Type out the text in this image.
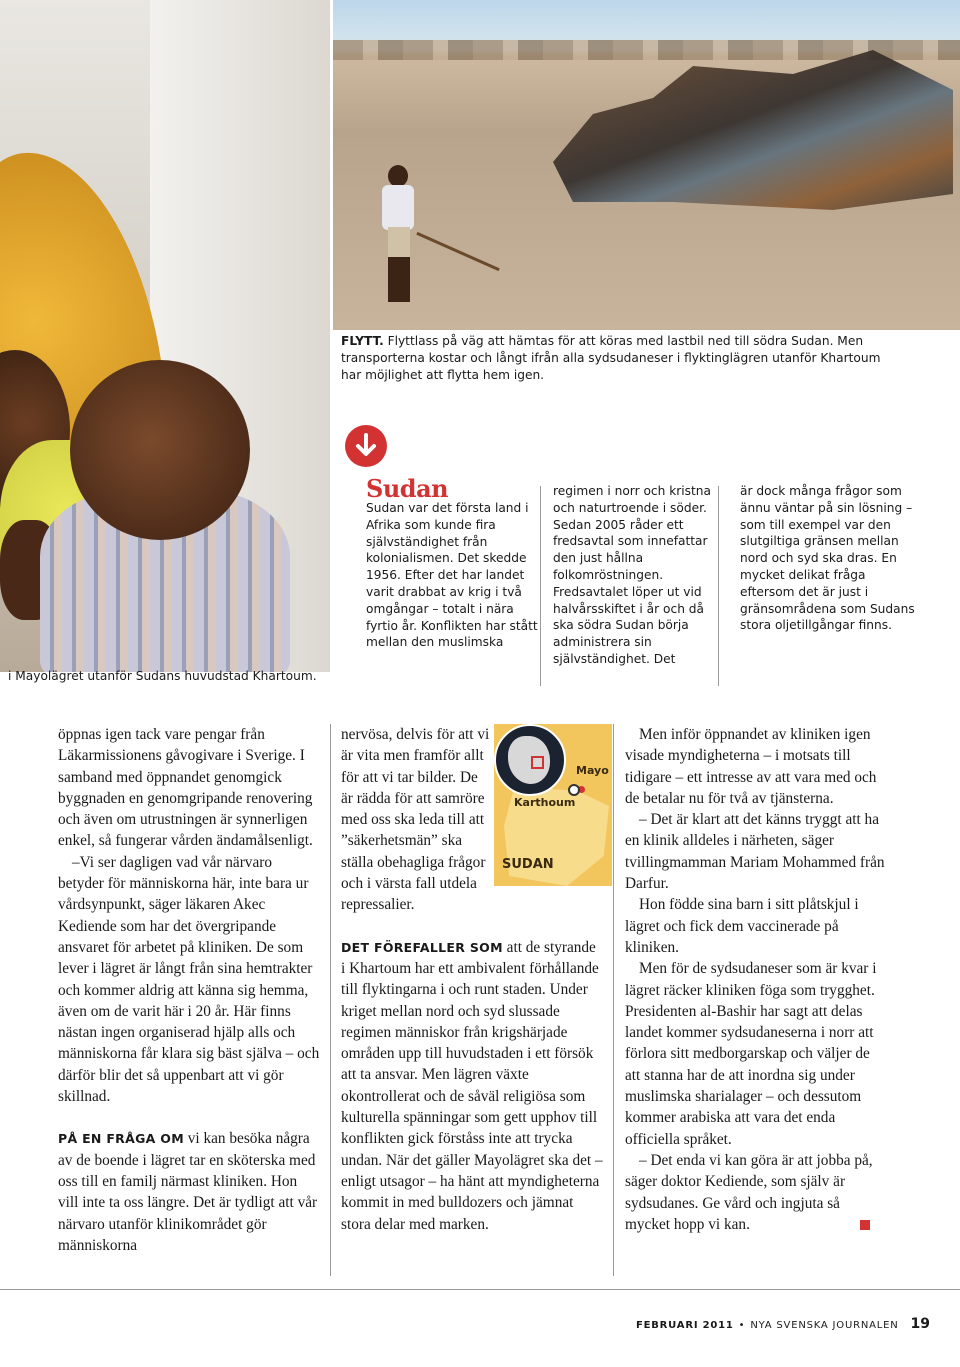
FLYTT. Flyttlass på väg att hämtas för att köras med lastbil ned till södra Sudan. Men transporterna kostar och långt ifrån alla sydsudaneser i flyktinglägren utanför Khartoum har möjlighet att flytta hem igen.
i Mayolägret utanför Sudans huvudstad Khartoum.
Sudan
Sudan var det första land i Afrika som kunde fira självständighet från kolonialismen. Det skedde 1956. Efter det har landet varit drabbat av krig i två omgångar – totalt i nära fyrtio år. Konflikten har stått mellan den muslimska
regimen i norr och kristna och naturtroende i söder. Sedan 2005 råder ett fredsavtal som innefattar den just hållna folkomröstningen. Fredsavtalet löper ut vid halvårsskiftet i år och då ska södra Sudan börja administrera sin självständighet. Det
är dock många frågor som ännu väntar på sin lösning – som till exempel var den slutgiltiga gränsen mellan nord och syd ska dras. En mycket delikat fråga eftersom det är just i gränsområdena som Sudans stora oljetillgångar finns.

öppnas igen tack vare pengar från Läkarmissionens gåvogivare i Sverige. I samband med öppnandet genomgick byggnaden en genomgripande renovering och även om utrustningen är synnerligen enkel, så fungerar vården ändamålsenligt.

–Vi ser dagligen vad vår närvaro betyder för människorna här, inte bara ur vårdsynpunkt, säger läkaren Akec Kediende som har det övergripande ansvaret för arbetet på kliniken. De som lever i lägret är långt från sina hemtrakter och kommer aldrig att känna sig hemma, även om de varit här i 20 år. Här finns nästan ingen organiserad hjälp alls och människorna får klara sig bäst själva – och därför blir det så uppenbart att vi gör skillnad.

PÅ EN FRÅGA OM vi kan besöka några av de boende i lägret tar en sköterska med oss till en familj närmast kliniken. Hon vill inte ta oss längre. Det är tydligt att vår närvaro utanför klinikområdet gör människorna

nervösa, delvis för att vi är vita men framför allt för att vi tar bilder. De är rädda för att samröre med oss ska leda till att ”säkerhetsmän” ska ställa obehagliga frågor och i värsta fall utdela repressalier.

DET FÖREFALLER SOM att de styrande i Khartoum har ett ambivalent förhållande till flyktingarna i och runt staden. Under kriget mellan nord och syd slussade regimen människor från krigshärjade områden upp till huvudstaden i ett försök att ta ansvar. Men lägren växte okontrollerat och de såväl religiösa som kulturella spänningar som gett upphov till konflikten gick förståss inte att trycka undan. När det gäller Mayolägret ska det – enligt utsagor – ha hänt att myndigheterna kommit in med bulldozers och jämnat stora delar med marken.

Mayo
Karthoum
SUDAN

Men inför öppnandet av kliniken igen visade myndigheterna – i motsats till tidigare – ett intresse av att vara med och de betalar nu för två av tjänsterna.

– Det är klart att det känns tryggt att ha en klinik alldeles i närheten, säger tvillingmamman Mariam Mohammed från Darfur.

Hon födde sina barn i sitt plåtskjul i lägret och fick dem vaccinerade på kliniken.

Men för de sydsudaneser som är kvar i lägret räcker kliniken föga som trygghet. Presidenten al-Bashir har sagt att delas landet kommer sydsudaneserna i norr att förlora sitt medborgarskap och väljer de att stanna har de att inordna sig under muslimska sharialager – och dessutom kommer arabiska att vara det enda officiella språket.

– Det enda vi kan göra är att jobba på, säger doktor Kediende, som själv är sydsudanes. Ge vård och ingjuta så mycket hopp vi kan.

FEBRUARI 2011 • NYA SVENSKA JOURNALEN 19
